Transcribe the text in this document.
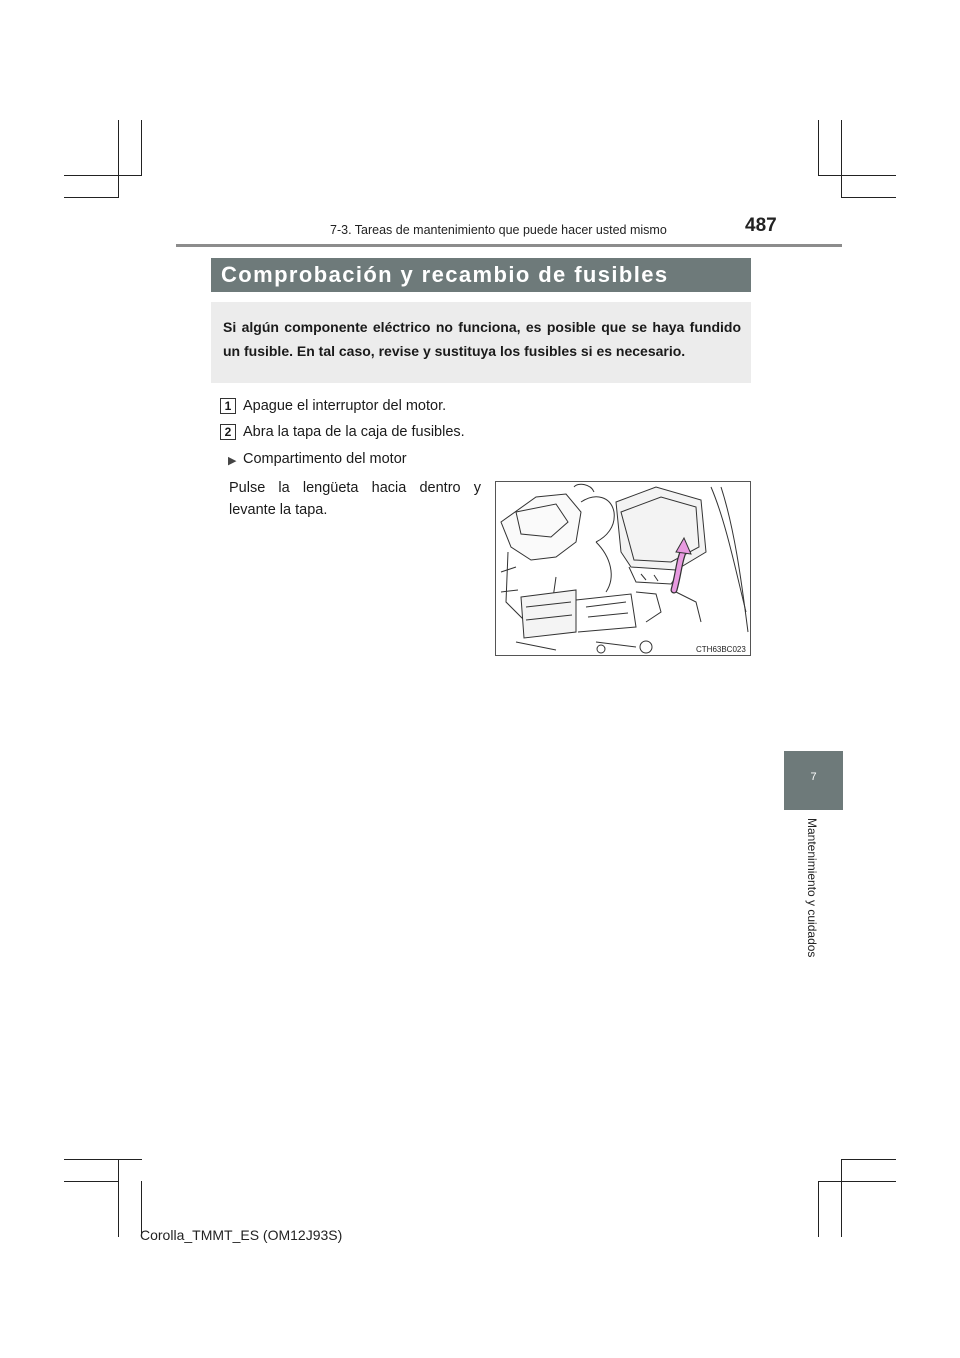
7-3. Tareas de mantenimiento que puede hacer usted mismo	487
Comprobación y recambio de fusibles
Si algún componente eléctrico no funciona, es posible que se haya fundido un fusible. En tal caso, revise y sustituya los fusibles si es necesario.
1 Apague el interruptor del motor.
2 Abra la tapa de la caja de fusibles.
▶ Compartimento del motor
Pulse la lengüeta hacia dentro y levante la tapa.
CTH63BC023
7
Mantenimiento y cuidados
Corolla_TMMT_ES (OM12J93S)
